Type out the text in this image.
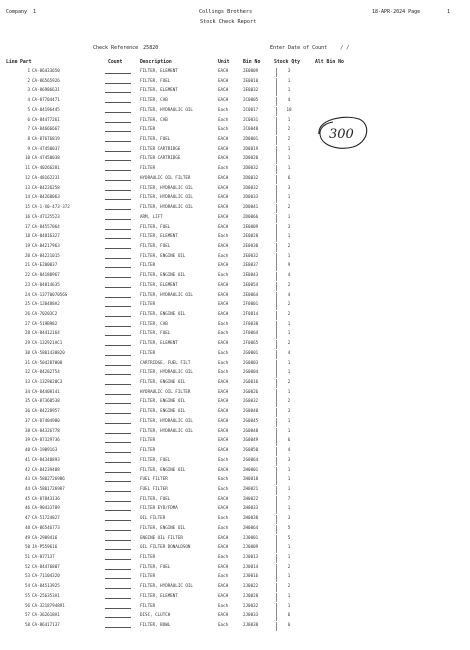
Company 1	Collings Brothers
Stock Check Report
18-APR-2024 Page	1
Check Reference 25820	Enter Date of Count	/ /
Line Part	Count	Description	Unit	Bin No	Stock Qty	Alt Bin No
300
1 CA-86433650	FILTER, ELEMENT	EACH	2E0009	3
2 CA-86565926	FILTER, FUEL	EACH	2E0010	1
3 CA-86986631	FILTER, ELEMENT	EACH	2E0032	1
4 CA-87704471	FILTER, CAB	EACH	2C0005	4
5 CA-84196445	FILTER, HYDRAULIC OIL	Each	2C0017	10
6 CA-84477261	FILTER, CAB	Each	2C0031	1
7 CA-84666667	FILTER	Each	2C0048	2
8 CA-87676819	FILTER, FUEL	EACH	2D0001	2
9 CA-47450037	FILTER CARTRIDGE	EACH	2D0019	1
10 CA-47450038	FILTER CARTRIDGE	EACH	2D0020	1
11 CA-40266281	FILTER	Each	2D0032	1
12 CA-48162231	HYDRAULIC OIL FILTER	EACH	2D0032	6
13 CA-84226258	FILTER, HYDRAULIC OIL	EACH	2D0032	3
14 CA-84268063	FILTER, HYDRAULIC OIL	EACH	2D0033	1
15 CA-1-X0-473-372	FILTER, HYDRAULIC OIL	EACH	2D0041	2
16 CA-47125523	ARM, LIFT	EACH	2D0066	1
17 CA-84557064	FILTER, FUEL	EACH	2E0009	3
18 CA-84816327	FILTER, ELEMENT	Each	2E0028	1
19 CA-84217963	FILTER, FUEL	EACH	2E0030	2
20 CA-84221015	FILTER, ENGINE OIL	Each	2E0032	1
21 CA-E200037	FILTER	EACH	2E0037	9
22 CA-84180967	FILTER, ENGINE OIL	Each	2E0043	4
23 CA-84814635	FILTER, ELEMENT	EACH	2E0054	2
24 CA-1377007056S	FILTER, HYDRAULIC OIL	EACH	2E0064	4
25 CA-120488A2	FILTER	EACH	2F0001	2
26 CA-70203C2	FILTER, ENGINE OIL	EACH	2F0014	2
27 CA-519B982	FILTER, CAB	Each	2F0038	1
28 CA-84412164	FILTER, FUEL	Each	2F0064	1
29 CA-132921AC1	FILTER, ELEMENT	EACH	2F0065	2
30 CA-5801430820	FILTER	Each	2G0001	4
31 CA-504287000	CARTRIDGE, FUEL FILT	Each	2G0003	1
32 CA-84202754	FILTER, HYDRAULIC OIL	Each	2G0004	1
33 CA-1329020C3	FILTER, ENGINE OIL	EACH	2G0016	2
34 CA-84408141	HYDRAULIC OIL FILTER	EACH	2G0026	1
35 CA-87368538	FILTER, ENGINE OIL	EACH	2G0032	2
36 CA-84228957	FILTER, ENGINE OIL	EACH	2G0040	3
37 CA-87404980	FILTER, HYDRAULIC OIL	EACH	2G0045	1
38 CA-84326778	FILTER, HYDRAULIC OIL	EACH	2G0048	1
39 CA-87329736	FILTER	EACH	2G0049	6
40 CA-1909163	FILTER	EACH	2G0050	4
41 CA-84348893	FILTER, FUEL	Each	2G0064	3
42 CA-84239488	FILTER, ENGINE OIL	EACH	2H0001	1
43 CA-5802726986	FUEL FILTER	Each	2H0018	1
44 CA-5801726987	FUEL FILTER	Each	2H0021	1
45 CA-87843136	FILTER, FUEL	EACH	2H0022	7
46 CA-90433789	FILTER EYD/FDMA	EACH	2H0033	1
47 CA-51724827	OIL FILTER	Each	2H0038	3
48 CA-86546773	FILTER, ENGINE OIL	Each	2H0064	5
49 CA-2909416	ENGINE OIL FILTER	EACH	2J0001	5
50 JA-P559616	OIL FILTER DONALDSON	EACH	2J0009	1
51 CA-877137	FILTER	Each	2J0013	1
52 CA-84476807	FILTER, FUEL	EACH	2J0014	2
53 CA-71104320	FILTER	Each	2J0016	1
54 CA-84513925	FILTER, HYDRAULIC OIL	EACH	2J0022	2
55 CA-256353A1	FILTER, ELEMENT	EACH	2J0028	1
56 CA-3218794891	FILTER	Each	2J0032	1
57 CA-362618A1	DISC, CLUTCH	EACH	2J0033	6
58 CA-86417137	FILTER, BOWL	Each	2J0038	6
